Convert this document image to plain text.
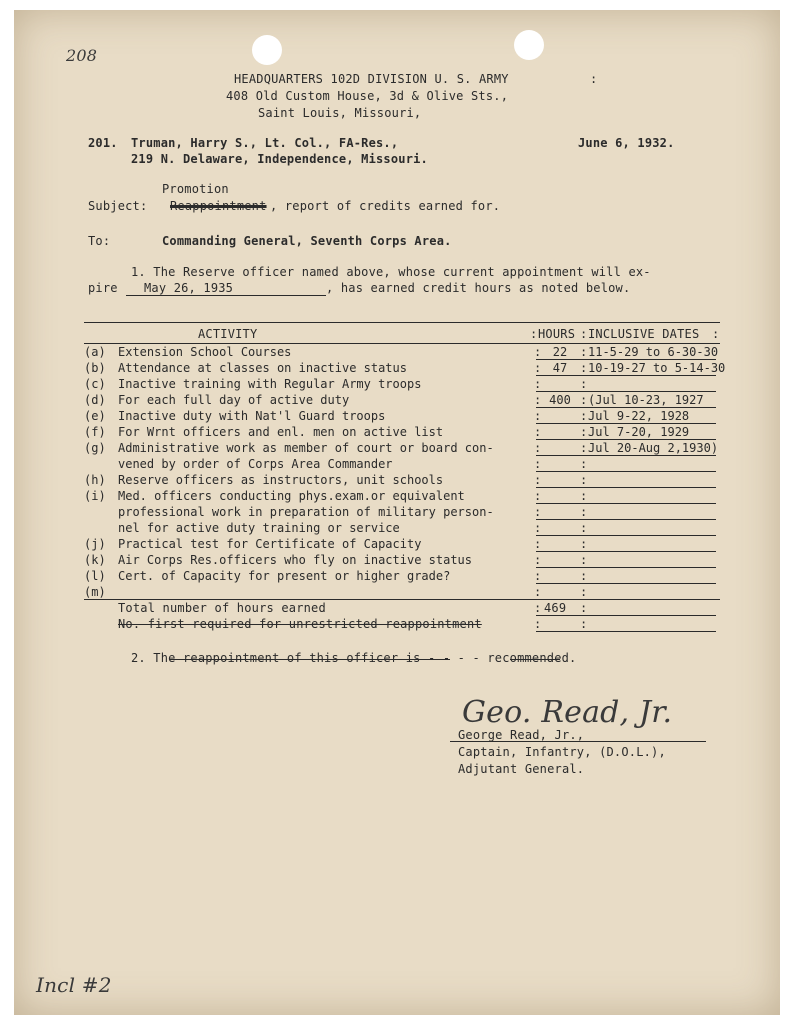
208
HEADQUARTERS 102D DIVISION U. S. ARMY	:
408 Old Custom House, 3d & Olive Sts.,
Saint Louis, Missouri,
201. Truman, Harry S., Lt. Col., FA-Res.,
219 N. Delaware, Independence, Missouri.
June 6, 1932.
Promotion
Subject: Reappointment , report of credits earned for.
To:	Commanding General, Seventh Corps Area.
1. The Reserve officer named above, whose current appointment will ex-
pire May 26, 1935	, has earned credit hours as noted below.
ACTIVITY	: HOURS : INCLUSIVE DATES :
(a) Extension School Courses	: 22	: 11-5-29 to 6-30-30
(b) Attendance at classes on inactive status	: 47	: 10-19-27 to 5-14-30
(c) Inactive training with Regular Army troops	:	:
(d) For each full day of active duty	: 400 : (Jul 10-23, 1927
(e) Inactive duty with Nat'l Guard troops	:	: Jul 9-22, 1928
(f) For Wrnt officers and enl. men on active list	:	: Jul 7-20, 1929
(g) Administrative work as member of court or board con-	:	: Jul 20-Aug 2,1930)
vened by order of Corps Area Commander	:	:
(h) Reserve officers as instructors, unit schools	:	:
(i) Med. officers conducting phys.exam.or equivalent	:	:
professional work in preparation of military person-	:	:
nel for active duty training or service	:	:
(j) Practical test for Certificate of Capacity	:	:
(k) Air Corps Res.officers who fly on inactive status	:	:
(l) Cert. of Capacity for present or higher grade?	:	:
(m)	:	:
Total number of hours earned	: 469 :
No. first required for unrestricted reappointment	:	:
2. The reappointment of this officer is - - - - recommended.
Geo. Read, Jr.
George Read, Jr.,
Captain, Infantry, (D.O.L.),
Adjutant General.
Incl #2
